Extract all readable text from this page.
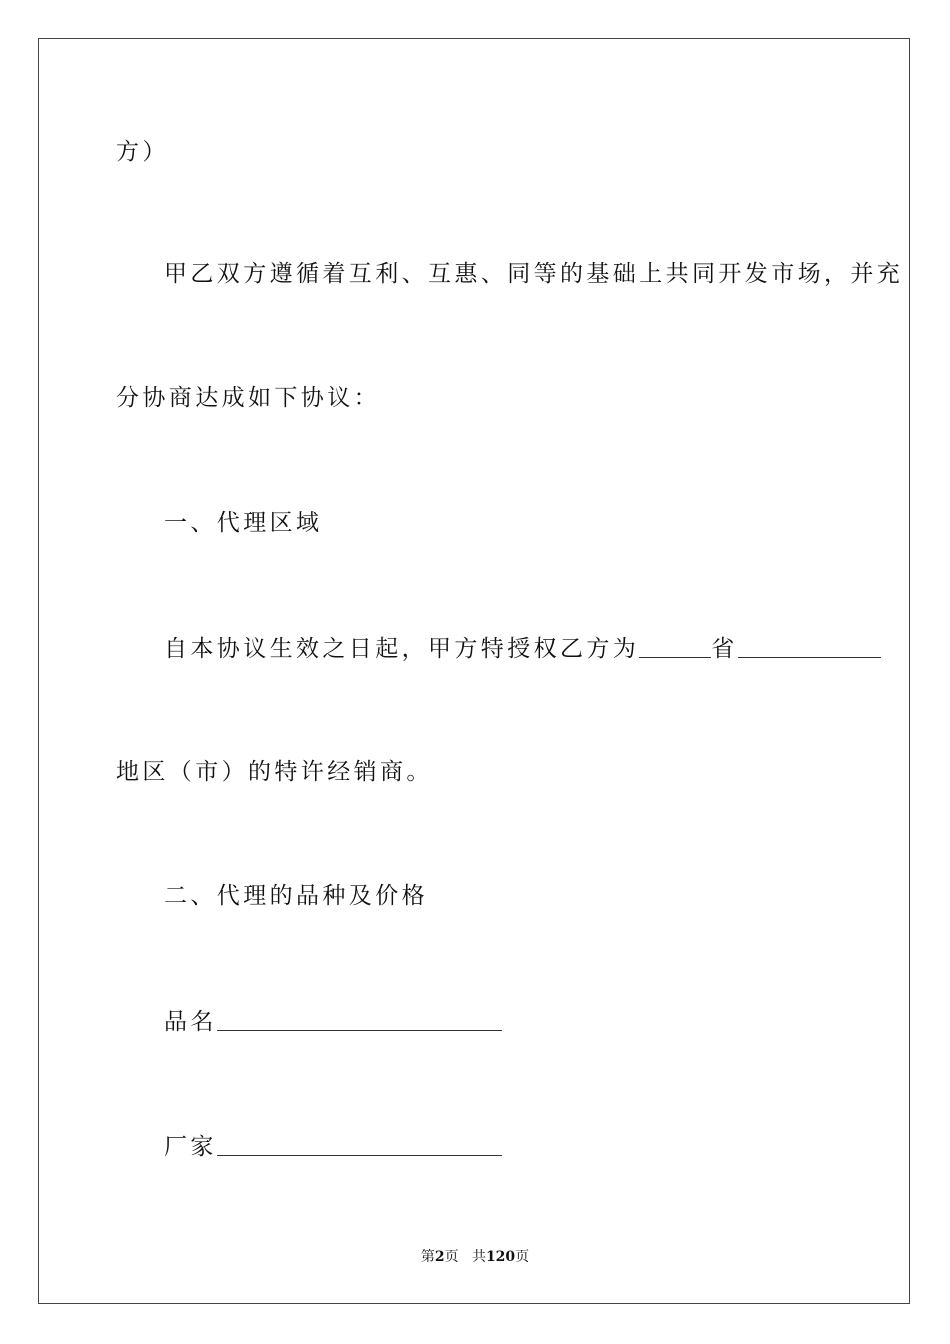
方）
甲乙双方遵循着互利、互惠、同等的基础上共同开发市场，并充
分协商达成如下协议：
一、代理区域
自本协议生效之日起，甲方特授权乙方为	省
地区（市）的特许经销商。
二、代理的品种及价格
品名
厂家
第2页 共120页
